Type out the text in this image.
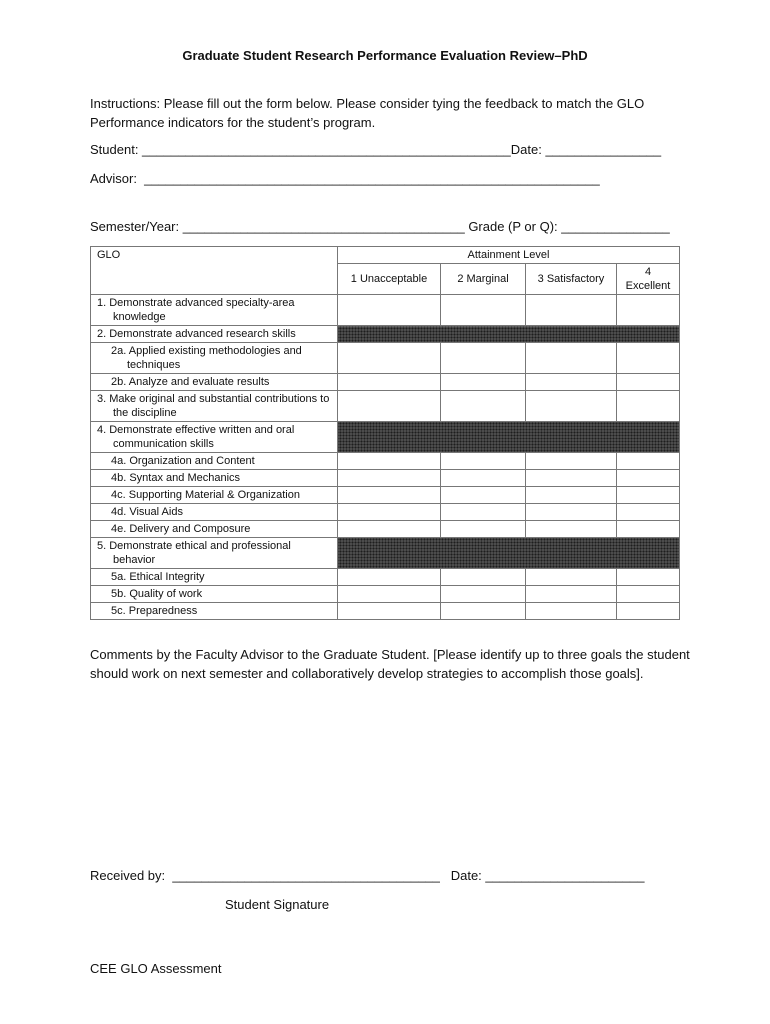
Graduate Student Research Performance Evaluation Review–PhD
Instructions: Please fill out the form below. Please consider tying the feedback to match the GLO Performance indicators for the student’s program.
Student: ___________________________________________________Date: ________________
Advisor:  _______________________________________________________________
Semester/Year: _______________________________________ Grade (P or Q): _______________
GLO	Attainment Level			
	1 Unacceptable	2 Marginal	3 Satisfactory	4 Excellent

1. Demonstrate advanced specialty-area knowledge				

2. Demonstrate advanced research skills				

2a. Applied existing methodologies and techniques				

2b. Analyze and evaluate results				

3. Make original and substantial contributions to the discipline				

4. Demonstrate effective written and oral communication skills				

4a. Organization and Content				

4b. Syntax and Mechanics				

4c. Supporting Material & Organization				

4d. Visual Aids				

4e. Delivery and Composure				

5. Demonstrate ethical and professional behavior				

5a. Ethical Integrity				

5b. Quality of work				

5c. Preparedness				

Comments by the Faculty Advisor to the Graduate Student. [Please identify up to three goals the student should work on next semester and collaboratively develop strategies to accomplish those goals].
Received by:  _____________________________________   Date: ______________________
Student Signature
CEE GLO Assessment
